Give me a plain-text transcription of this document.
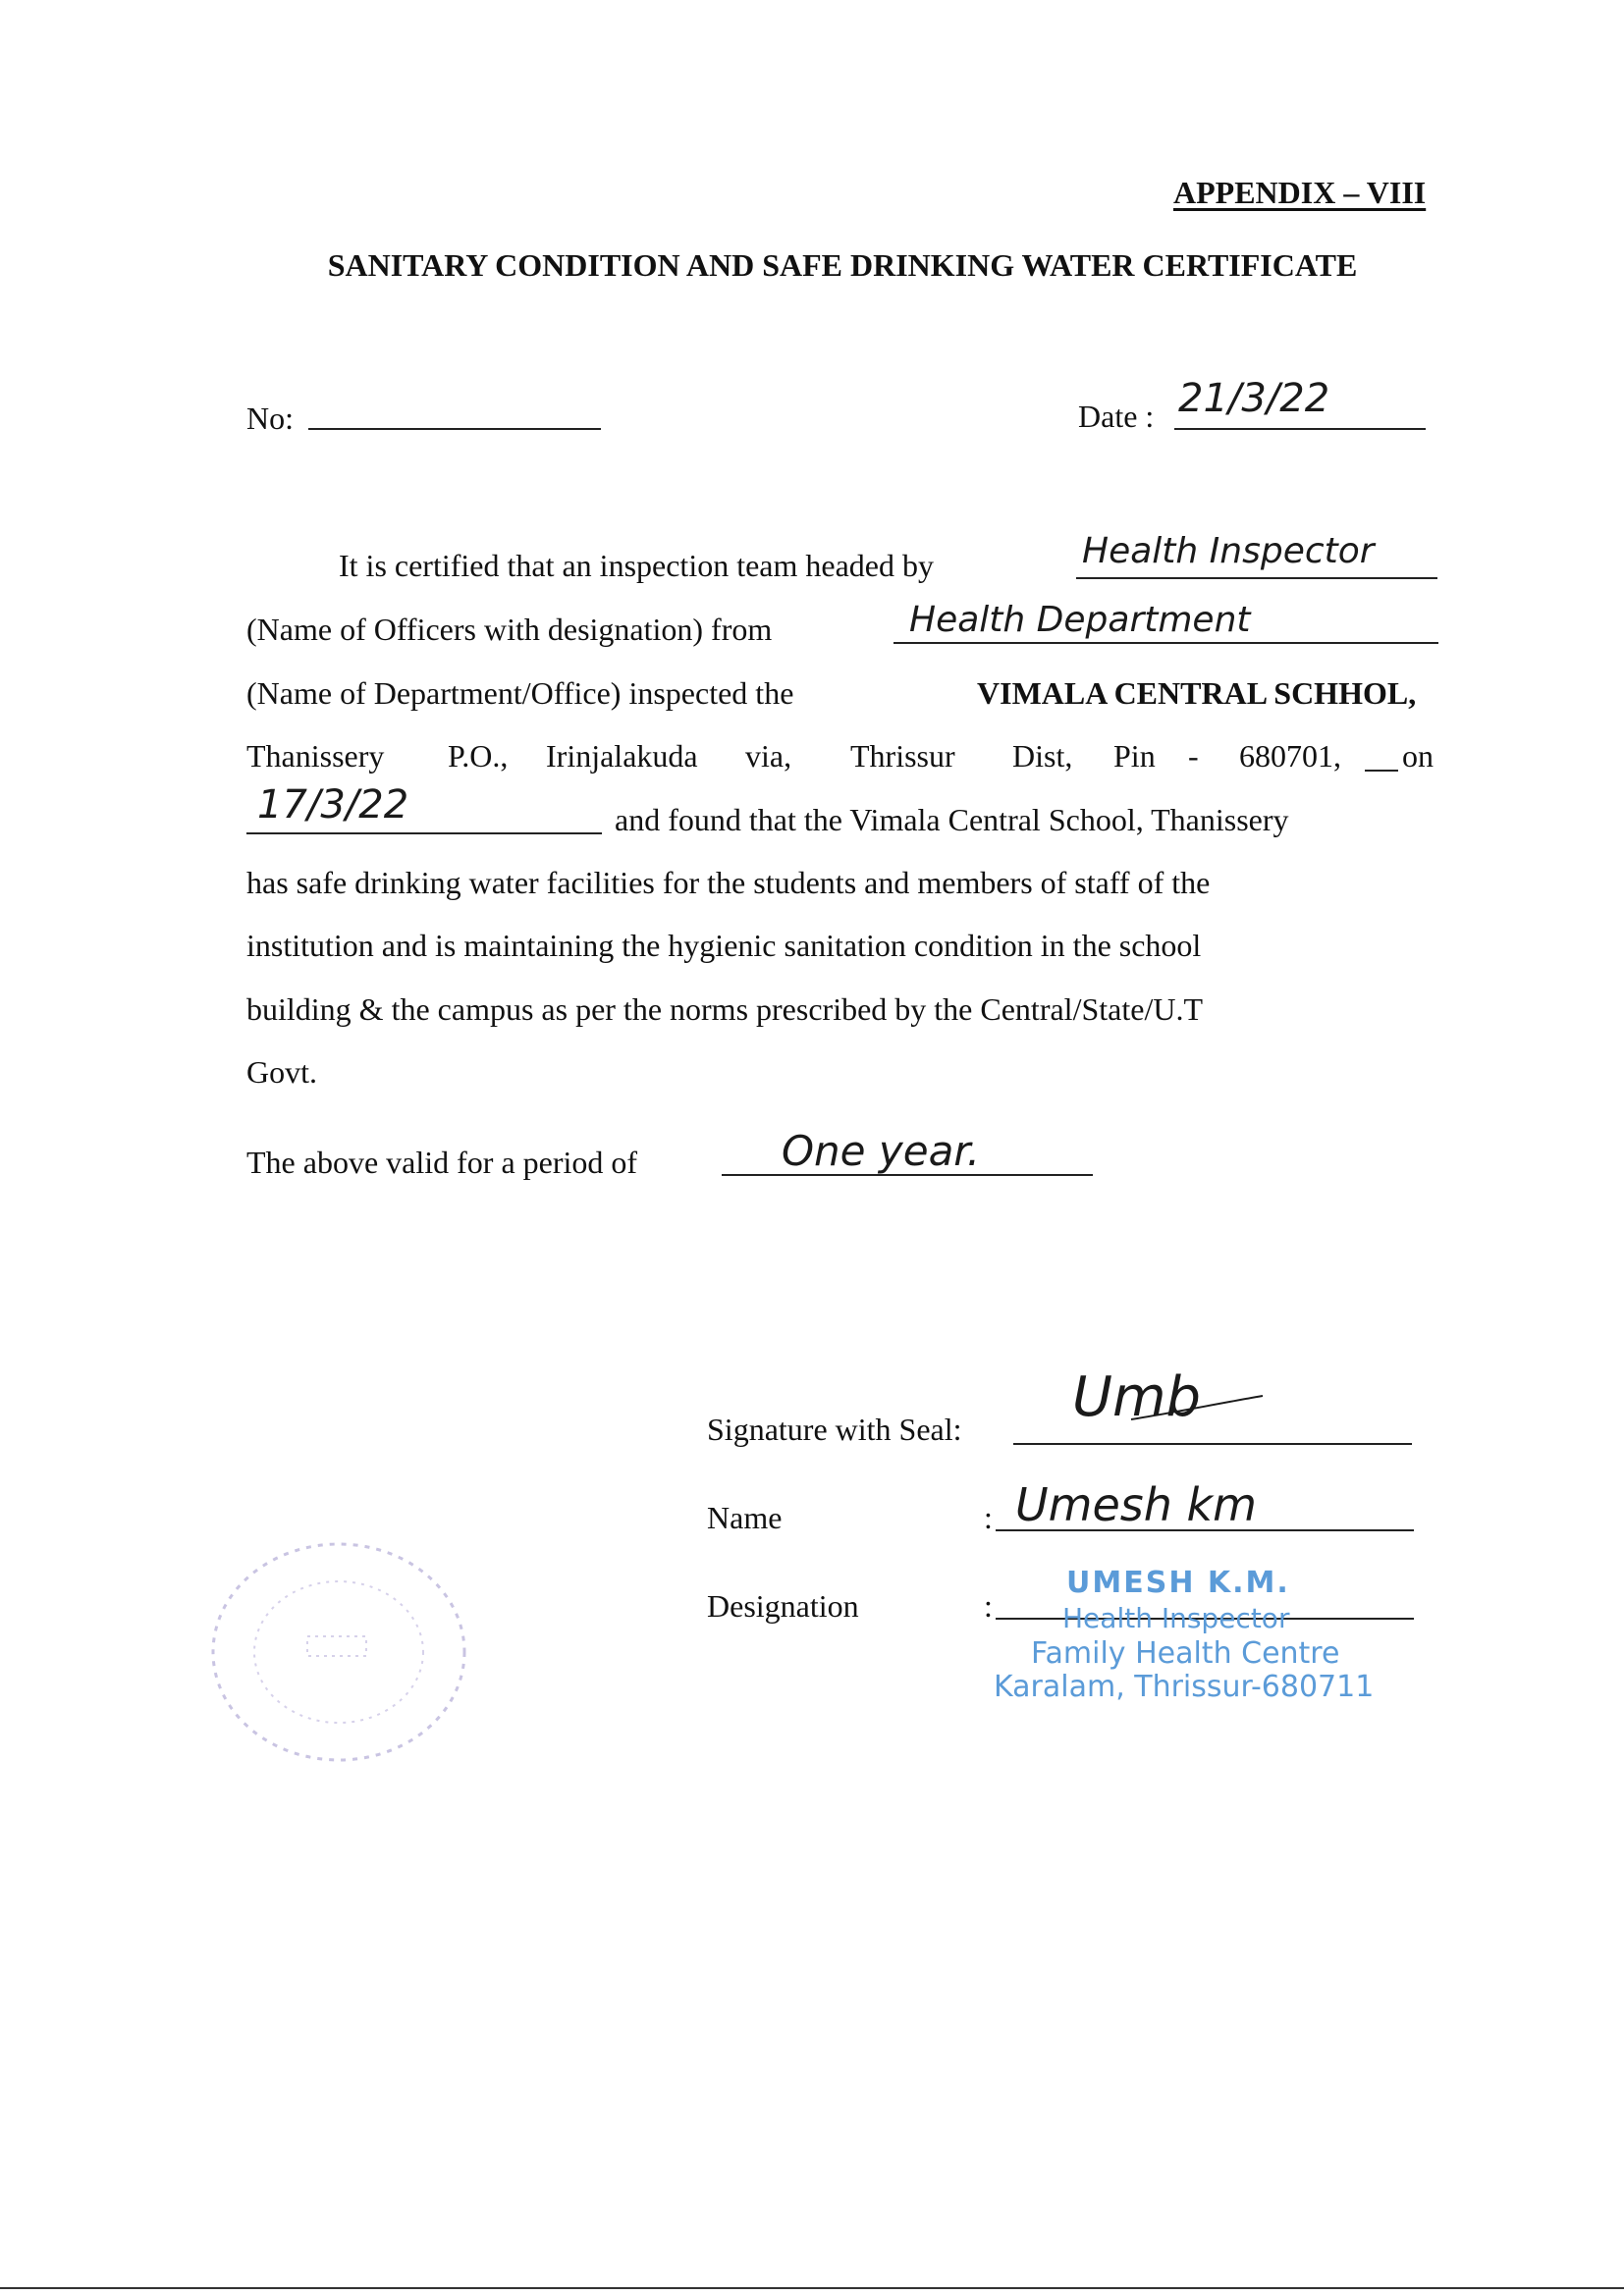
APPENDIX – VIII
SANITARY CONDITION AND SAFE DRINKING WATER CERTIFICATE
No:	Date : 21/3/22
It is certified that an inspection team headed by	Health Inspector
(Name of Officers with designation) from	Health Department
(Name of Department/Office) inspected the	VIMALA CENTRAL SCHHOL,
Thanissery P.O., Irinjalakuda via, Thrissur Dist, Pin - 680701, on
17/3/22	and found that the Vimala Central School, Thanissery
has safe drinking water facilities for the students and members of staff of the
institution and is maintaining the hygienic sanitation condition in the school
building & the campus as per the norms prescribed by the Central/State/U.T
Govt.
The above valid for a period of	One year.
Signature with Seal: Umb
Name	: Umesh km
Designation	:
UMESH K.M.
Health Inspector
Family Health Centre
Karalam, Thrissur-680711
